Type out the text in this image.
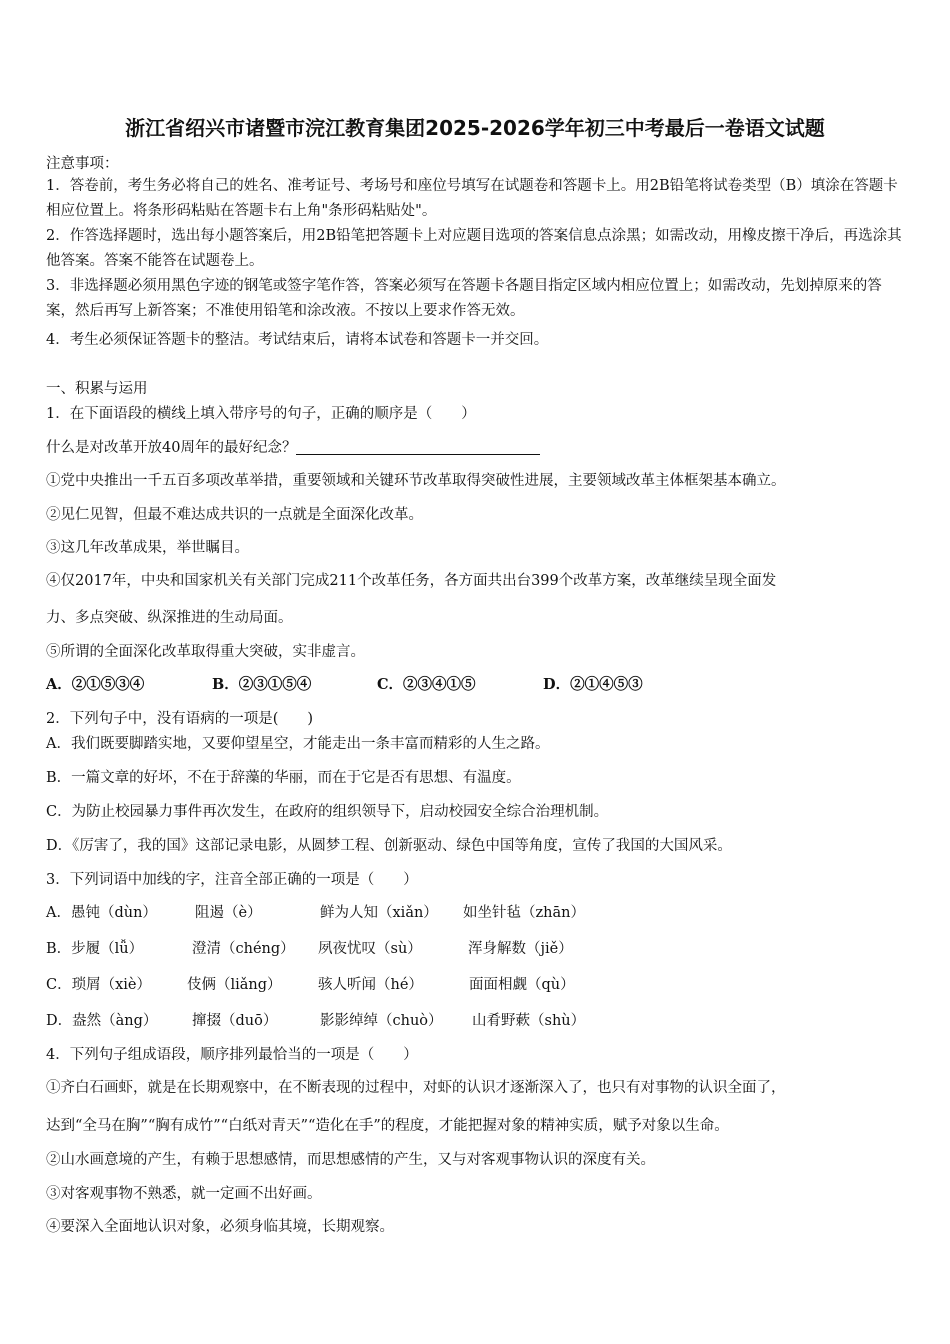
浙江省绍兴市诸暨市浣江教育集团2025-2026学年初三中考最后一卷语文试题
注意事项：
1．答卷前，考生务必将自己的姓名、准考证号、考场号和座位号填写在试题卷和答题卡上。用2B铅笔将试卷类型（B）填涂在答题卡相应位置上。将条形码粘贴在答题卡右上角"条形码粘贴处"。
2．作答选择题时，选出每小题答案后，用2B铅笔把答题卡上对应题目选项的答案信息点涂黑；如需改动，用橡皮擦干净后，再选涂其他答案。答案不能答在试题卷上。
3．非选择题必须用黑色字迹的钢笔或签字笔作答，答案必须写在答题卡各题目指定区域内相应位置上；如需改动，先划掉原来的答案，然后再写上新答案；不准使用铅笔和涂改液。不按以上要求作答无效。
4．考生必须保证答题卡的整洁。考试结束后，请将本试卷和答题卡一并交回。
一、积累与运用
1．在下面语段的横线上填入带序号的句子，正确的顺序是（　　）
什么是对改革开放40周年的最好纪念？
①党中央推出一千五百多项改革举措，重要领域和关键环节改革取得突破性进展，主要领域改革主体框架基本确立。
②见仁见智，但最不难达成共识的一点就是全面深化改革。
③这几年改革成果，举世瞩目。
④仅2017年，中央和国家机关有关部门完成211个改革任务，各方面共出台399个改革方案，改革继续呈现全面发
力、多点突破、纵深推进的生动局面。
⑤所谓的全面深化改革取得重大突破，实非虚言。
A．②①⑤③④	B．②③①⑤④	C．②③④①⑤	D．②①④⑤③
2．下列句子中，没有语病的一项是(　　)
A．我们既要脚踏实地，又要仰望星空，才能走出一条丰富而精彩的人生之路。
B．一篇文章的好坏，不在于辞藻的华丽，而在于它是否有思想、有温度。
C．为防止校园暴力事件再次发生，在政府的组织领导下，启动校园安全综合治理机制。
D．《厉害了，我的国》这部记录电影，从圆梦工程、创新驱动、绿色中国等角度，宣传了我国的大国风采。
3．下列词语中加线的字，注音全部正确的一项是（　　）
A．愚钝（dùn）	阻遏（è）	鲜为人知（xiǎn） 如坐针毡（zhān）
B．步履（lǚ）	澄清（chéng） 夙夜忧叹（sù）	浑身解数（jiě）
C．琐屑（xiè） 伎俩（liǎng）	骇人听闻（hé）	面面相觑（qù）
D．盎然（àng） 撺掇（duō）	影影绰绰（chuò） 山肴野蔌（shù）
4．下列句子组成语段，顺序排列最恰当的一项是（　　）
①齐白石画虾，就是在长期观察中，在不断表现的过程中，对虾的认识才逐渐深入了，也只有对事物的认识全面了，
达到“全马在胸”“胸有成竹”“白纸对青天”“造化在手”的程度，才能把握对象的精神实质，赋予对象以生命。
②山水画意境的产生，有赖于思想感情，而思想感情的产生，又与对客观事物认识的深度有关。
③对客观事物不熟悉，就一定画不出好画。
④要深入全面地认识对象，必须身临其境，长期观察。
